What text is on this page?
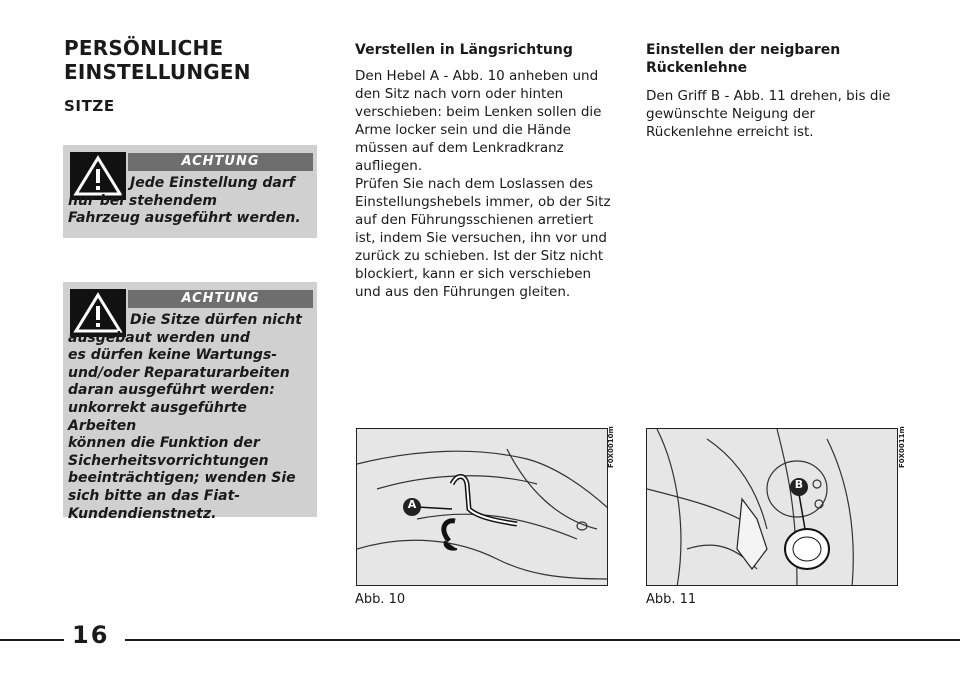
PERSÖNLICHE
EINSTELLUNGEN
SITZE
ACHTUNG
Jede Einstellung darf
nur bei stehendem
Fahrzeug ausgeführt werden.
ACHTUNG
Die Sitze dürfen nicht
ausgebaut werden und
es dürfen keine Wartungs-
und/oder Reparaturarbeiten
daran ausgeführt werden:
unkorrekt ausgeführte Arbeiten
können die Funktion der
Sicherheitsvorrichtungen
beeinträchtigen; wenden Sie
sich bitte an das Fiat-
Kundendienstnetz.
Verstellen in Längsrichtung
Den Hebel A - Abb. 10 anheben und
den Sitz nach vorn oder hinten
verschieben: beim Lenken sollen die
Arme locker sein und die Hände
müssen auf dem Lenkradkranz
aufliegen.
Prüfen Sie nach dem Loslassen des
Einstellungshebels immer, ob der Sitz
auf den Führungsschienen arretiert
ist, indem Sie versuchen, ihn vor und
zurück zu schieben. Ist der Sitz nicht
blockiert, kann er sich verschieben
und aus den Führungen gleiten.
Einstellen der neigbaren
Rückenlehne
Den Griff B - Abb. 11 drehen, bis die
gewünschte Neigung der
Rückenlehne erreicht ist.
A
F0X0010m
Abb. 10
B
F0X0011m
Abb. 11
16
